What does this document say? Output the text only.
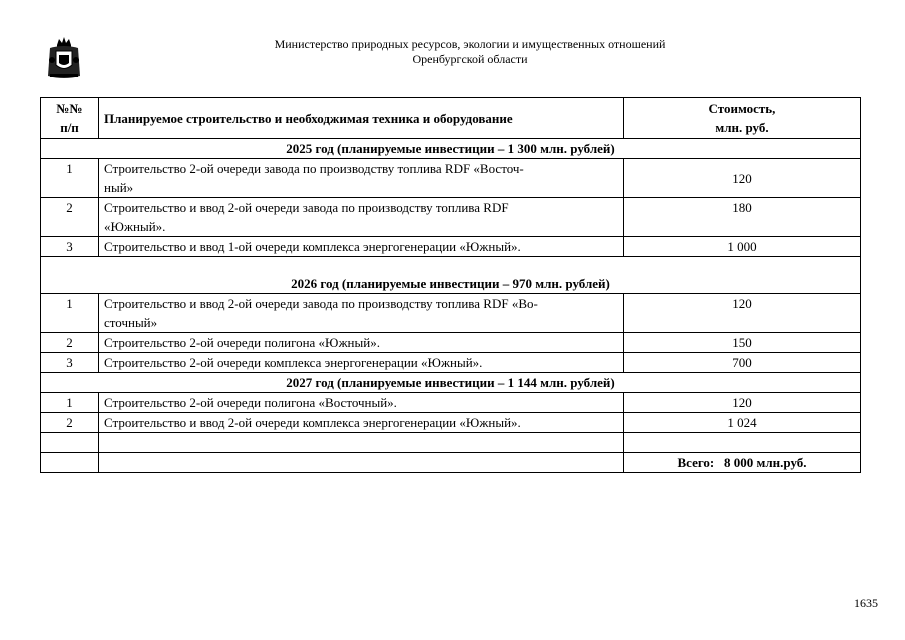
Министерство природных ресурсов, экологии и имущественных отношений
Оренбургской области
№№
п/п	Планируемое строительство и необходжимая техника и оборудование	Стоимость,
млн. руб.
2025 год (планируемые инвестиции – 1 300 млн. рублей)		
1	Строительство 2-ой очереди завода по производству топлива RDF «Восточ-
ный»	120
2	Строительство и ввод 2-ой очереди завода по производству топлива RDF
«Южный».	180
3	Строительство и ввод 1-ой очереди комплекса энергогенерации «Южный».	1 000
2026 год (планируемые инвестиции – 970 млн. рублей)		
1	Строительство и ввод 2-ой очереди завода по производству топлива RDF «Во-
сточный»	120
2	Строительство 2-ой очереди полигона «Южный».	150
3	Строительство 2-ой очереди комплекса энергогенерации «Южный».	700
2027 год (планируемые инвестиции – 1 144 млн. рублей)		
1	Строительство 2-ой очереди полигона «Восточный».	120
2	Строительство и ввод 2-ой очереди комплекса энергогенерации «Южный».	1 024

		Всего:   8 000 млн.руб.
1635
